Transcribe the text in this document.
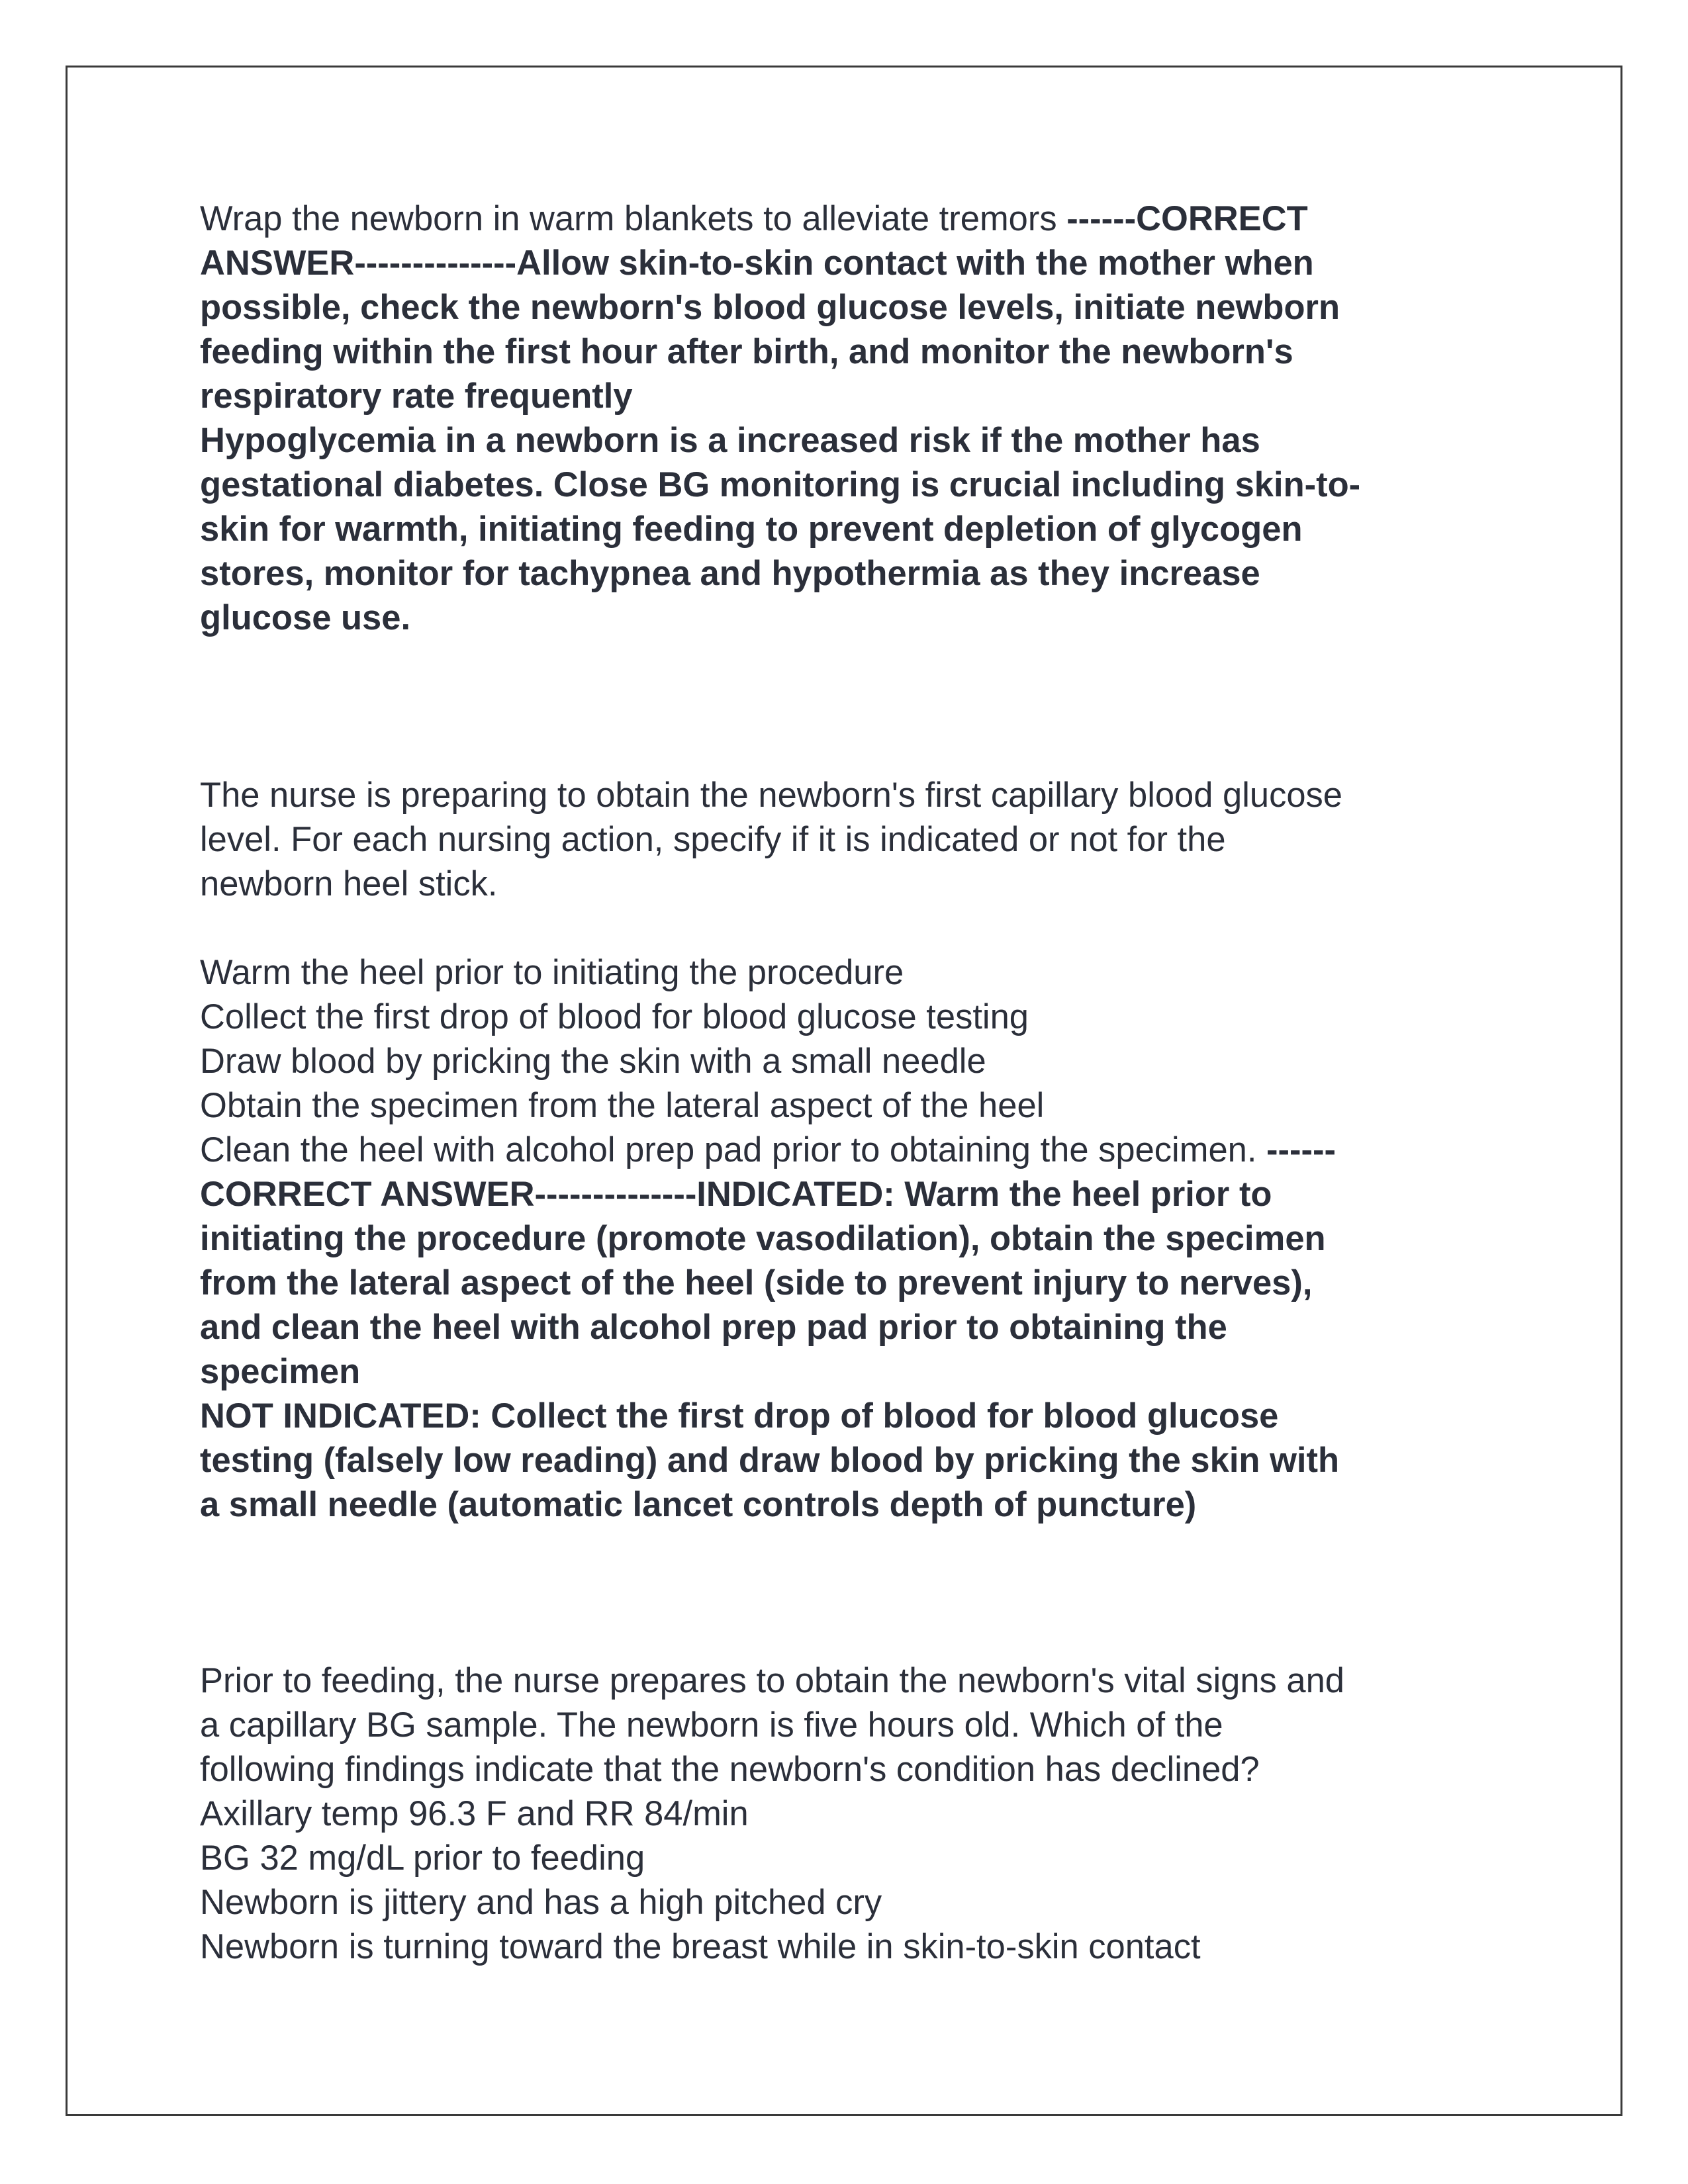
Wrap the newborn in warm blankets to alleviate tremors ------CORRECT
ANSWER--------------Allow skin-to-skin contact with the mother when
possible, check the newborn's blood glucose levels, initiate newborn
feeding within the first hour after birth, and monitor the newborn's
respiratory rate frequently
Hypoglycemia in a newborn is a increased risk if the mother has
gestational diabetes. Close BG monitoring is crucial including skin-to-
skin for warmth, initiating feeding to prevent depletion of glycogen
stores, monitor for tachypnea and hypothermia as they increase
glucose use.
The nurse is preparing to obtain the newborn's first capillary blood glucose
level. For each nursing action, specify if it is indicated or not for the
newborn heel stick.

Warm the heel prior to initiating the procedure
Collect the first drop of blood for blood glucose testing
Draw blood by pricking the skin with a small needle
Obtain the specimen from the lateral aspect of the heel
Clean the heel with alcohol prep pad prior to obtaining the specimen. ------
CORRECT ANSWER--------------INDICATED: Warm the heel prior to
initiating the procedure (promote vasodilation), obtain the specimen
from the lateral aspect of the heel (side to prevent injury to nerves),
and clean the heel with alcohol prep pad prior to obtaining the
specimen
NOT INDICATED: Collect the first drop of blood for blood glucose
testing (falsely low reading) and draw blood by pricking the skin with
a small needle (automatic lancet controls depth of puncture)
Prior to feeding, the nurse prepares to obtain the newborn's vital signs and
a capillary BG sample. The newborn is five hours old. Which of the
following findings indicate that the newborn's condition has declined?
Axillary temp 96.3 F and RR 84/min
BG 32 mg/dL prior to feeding
Newborn is jittery and has a high pitched cry
Newborn is turning toward the breast while in skin-to-skin contact
